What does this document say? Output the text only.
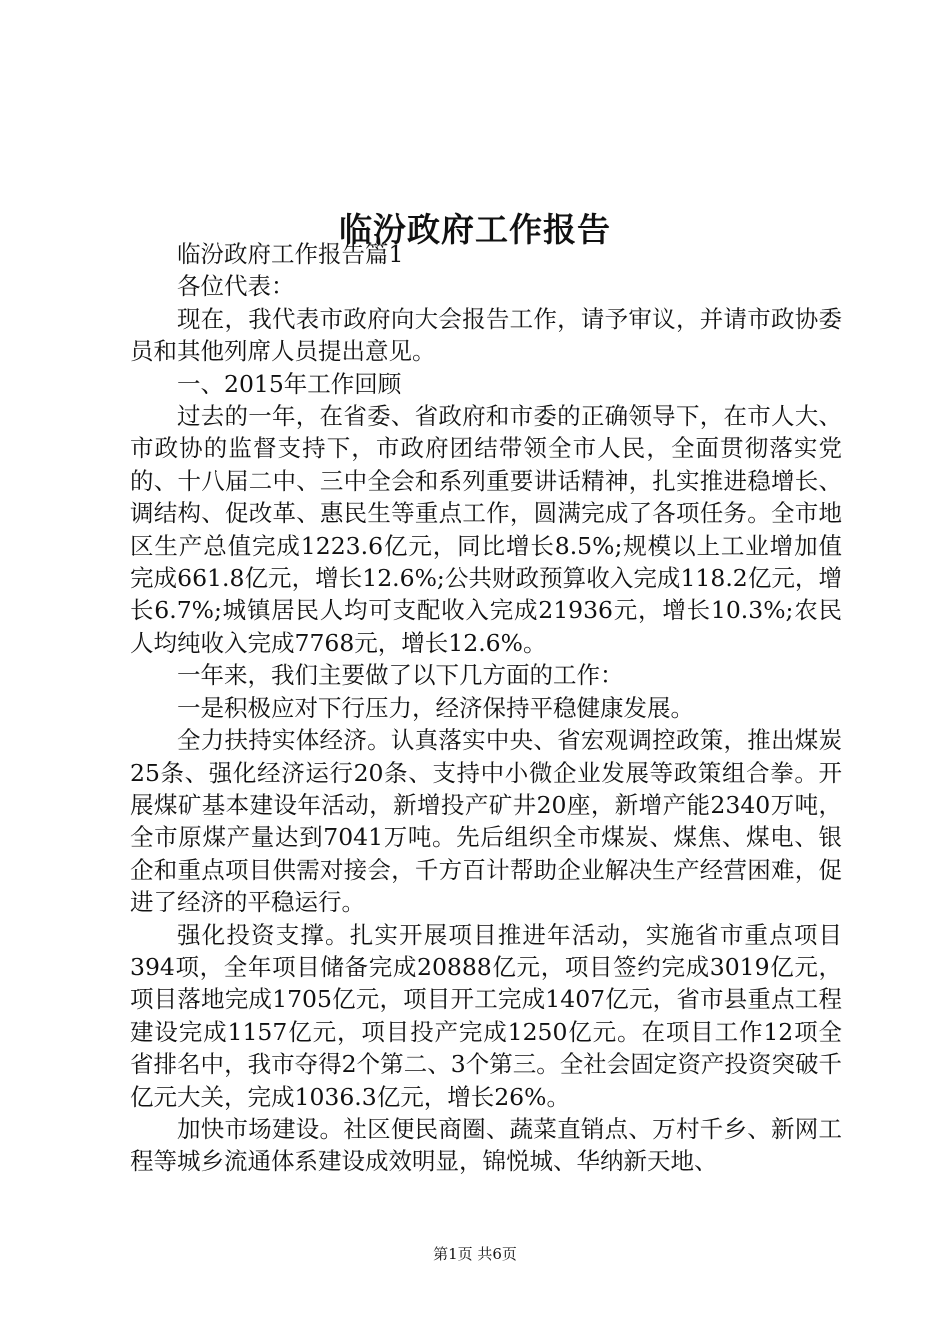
临汾政府工作报告

临汾政府工作报告篇1

各位代表：

现在，我代表市政府向大会报告工作，请予审议，并请市政协委员和其他列席人员提出意见。

一、2015年工作回顾

过去的一年，在省委、省政府和市委的正确领导下，在市人大、市政协的监督支持下，市政府团结带领全市人民，全面贯彻落实党的、十八届二中、三中全会和系列重要讲话精神，扎实推进稳增长、调结构、促改革、惠民生等重点工作，圆满完成了各项任务。全市地区生产总值完成1223.6亿元，同比增长8.5%;规模以上工业增加值完成661.8亿元，增长12.6%;公共财政预算收入完成118.2亿元，增长6.7%;城镇居民人均可支配收入完成21936元，增长10.3%;农民人均纯收入完成7768元，增长12.6%。

一年来，我们主要做了以下几方面的工作：

一是积极应对下行压力，经济保持平稳健康发展。

全力扶持实体经济。认真落实中央、省宏观调控政策，推出煤炭25条、强化经济运行20条、支持中小微企业发展等政策组合拳。开展煤矿基本建设年活动，新增投产矿井20座，新增产能2340万吨，全市原煤产量达到7041万吨。先后组织全市煤炭、煤焦、煤电、银企和重点项目供需对接会，千方百计帮助企业解决生产经营困难，促进了经济的平稳运行。

强化投资支撑。扎实开展项目推进年活动，实施省市重点项目394项，全年项目储备完成20888亿元，项目签约完成3019亿元，项目落地完成1705亿元，项目开工完成1407亿元，省市县重点工程建设完成1157亿元，项目投产完成1250亿元。在项目工作12项全省排名中，我市夺得2个第二、3个第三。全社会固定资产投资突破千亿元大关，完成1036.3亿元，增长26%。

加快市场建设。社区便民商圈、蔬菜直销点、万村千乡、新网工程等城乡流通体系建设成效明显，锦悦城、华纳新天地、

第1页 共6页
